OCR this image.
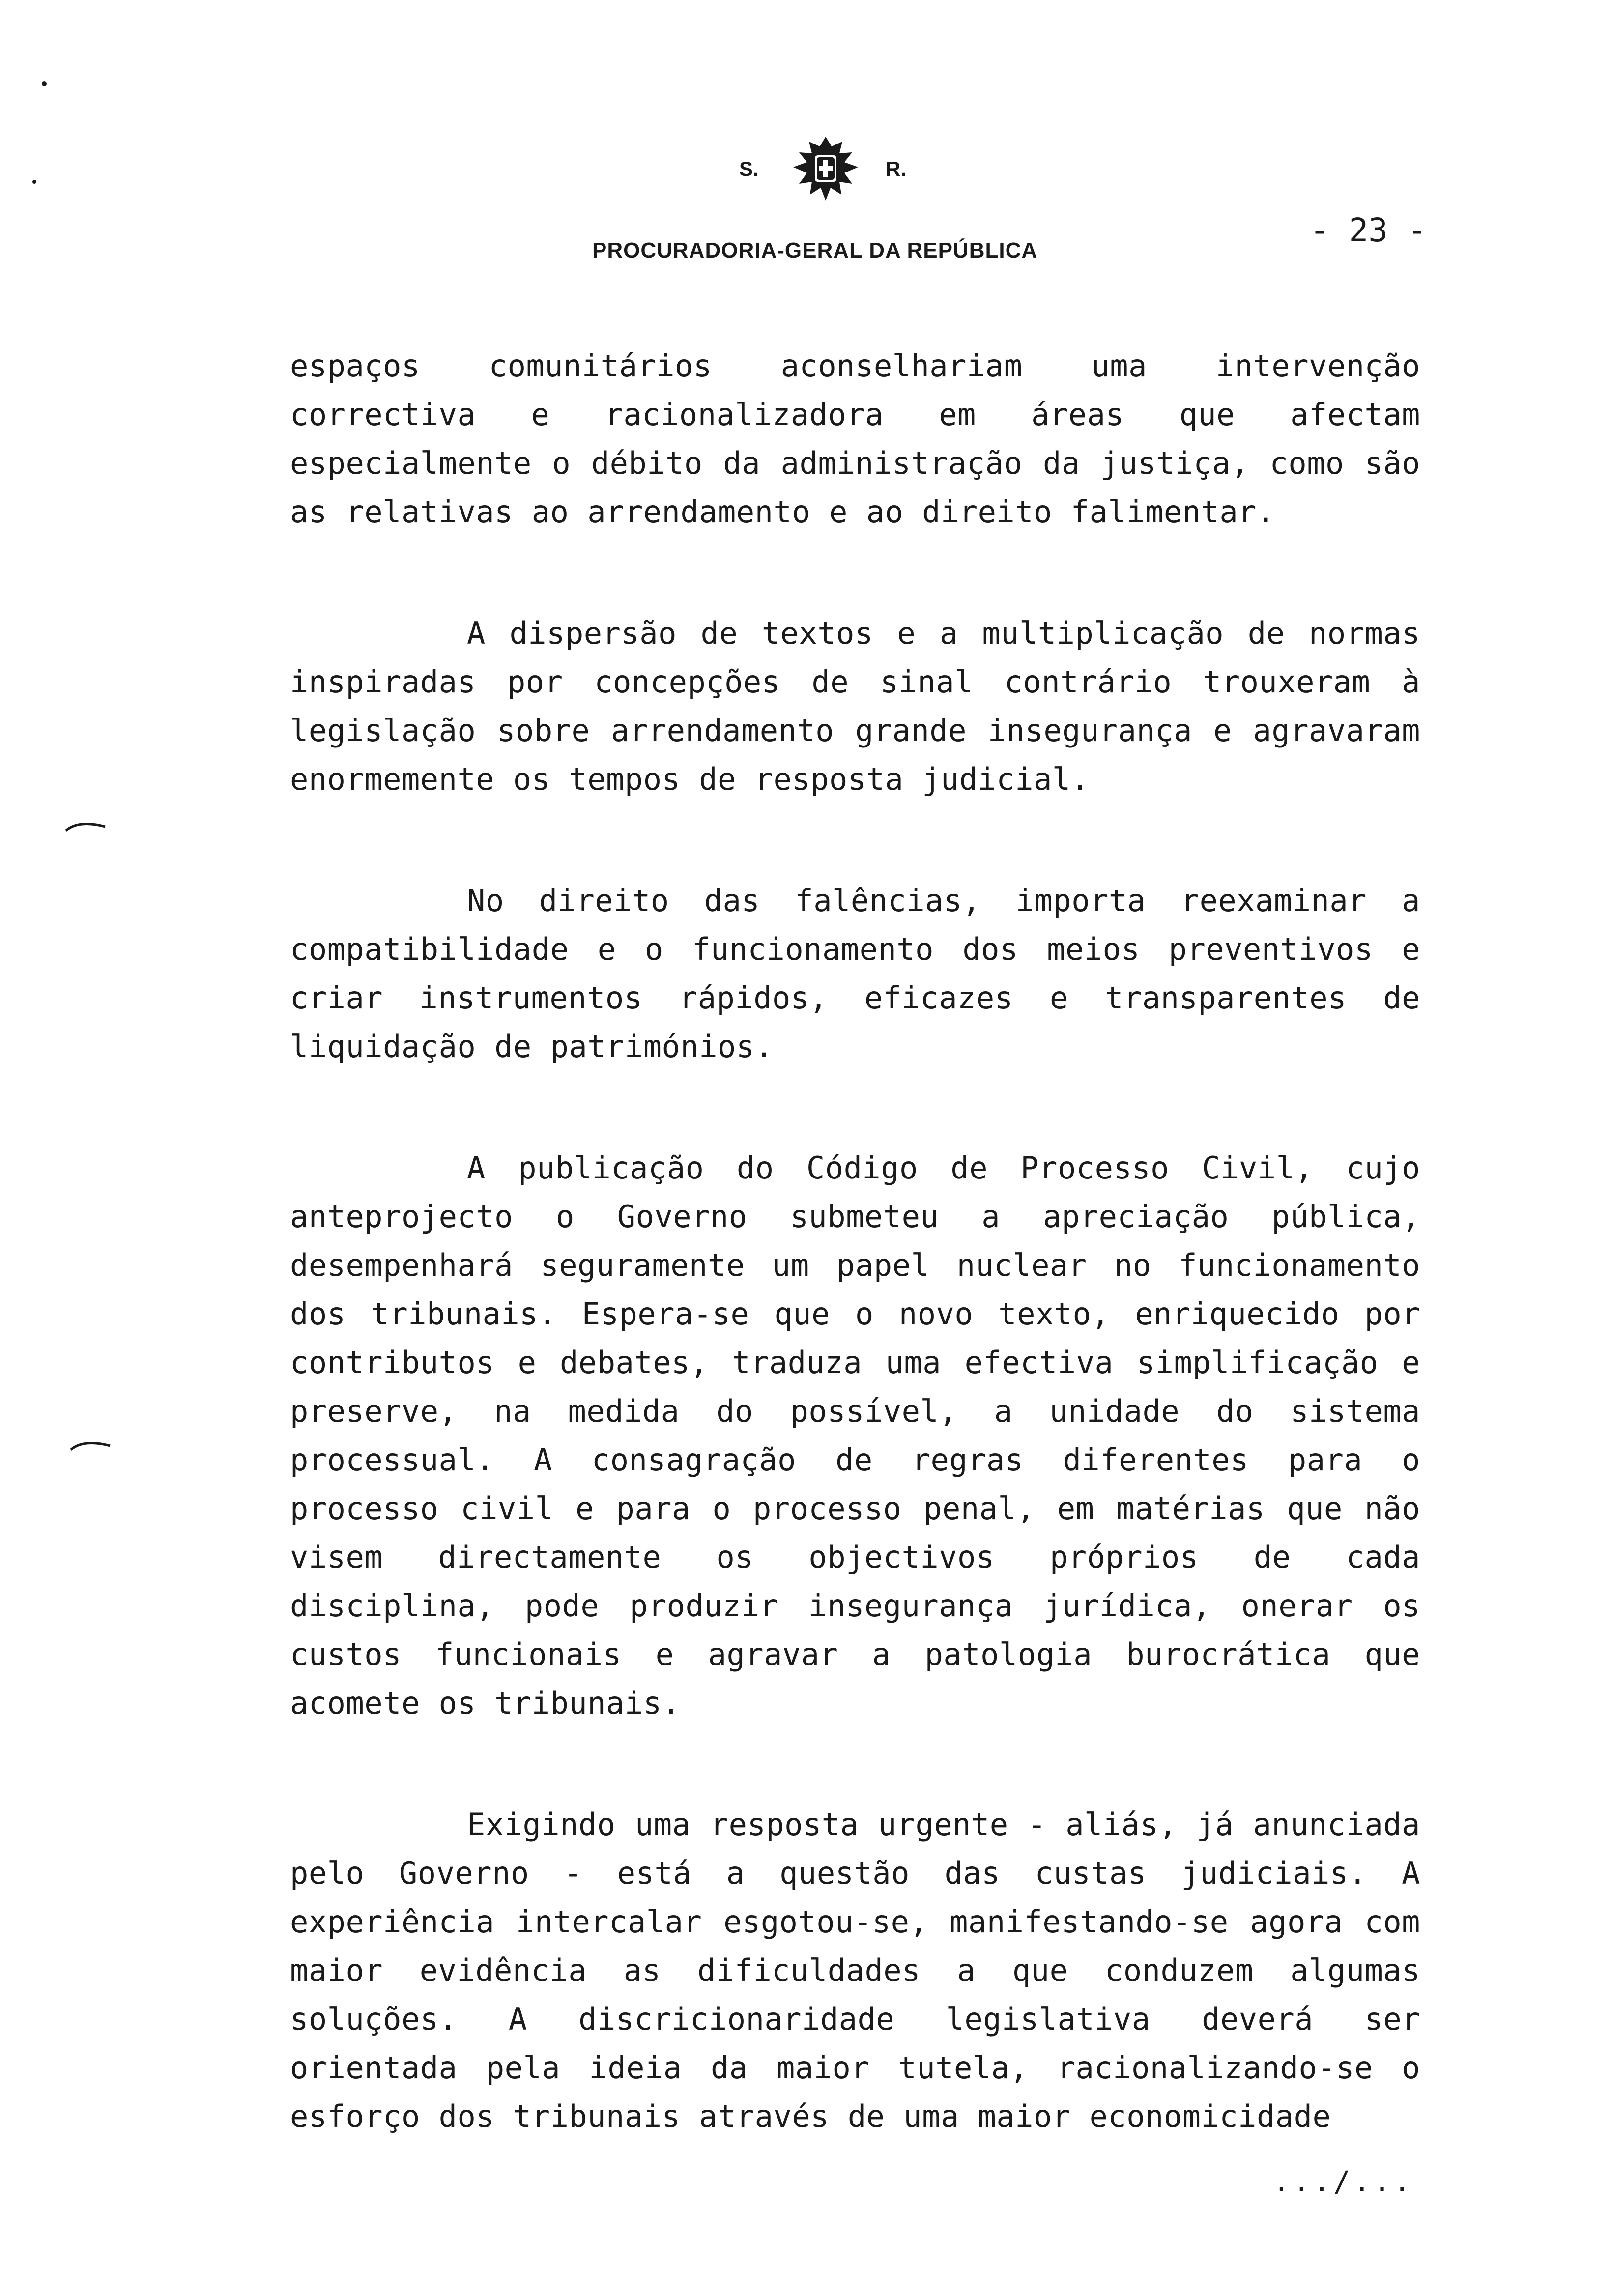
S.	R.
PROCURADORIA-GERAL DA REPÚBLICA
- 23 -

espaços comunitários aconselhariam uma intervenção correctiva e racionalizadora em áreas que afectam especialmente o débito da administração da justiça, como são as relativas ao arrendamento e ao direito falimentar.

A dispersão de textos e a multiplicação de normas inspiradas por concepções de sinal contrário trouxeram à legislação sobre arrendamento grande insegurança e agravaram enormemente os tempos de resposta judicial.

No direito das falências, importa reexaminar a compatibilidade e o funcionamento dos meios preventivos e criar instrumentos rápidos, eficazes e transparentes de liquidação de patrimónios.

A publicação do Código de Processo Civil, cujo anteprojecto o Governo submeteu a apreciação pública, desempenhará seguramente um papel nuclear no funcionamento dos tribunais. Espera-se que o novo texto, enriquecido por contributos e debates, traduza uma efectiva simplificação e preserve, na medida do possível, a unidade do sistema processual. A consagração de regras diferentes para o processo civil e para o processo penal, em matérias que não visem directamente os objectivos próprios de cada disciplina, pode produzir insegurança jurídica, onerar os custos funcionais e agravar a patologia burocrática que acomete os tribunais.

Exigindo uma resposta urgente - aliás, já anunciada pelo Governo - está a questão das custas judiciais. A experiência intercalar esgotou-se, manifestando-se agora com maior evidência as dificuldades a que conduzem algumas soluções. A discricionaridade legislativa deverá ser orientada pela ideia da maior tutela, racionalizando-se o esforço dos tribunais através de uma maior economicidade

.../...
